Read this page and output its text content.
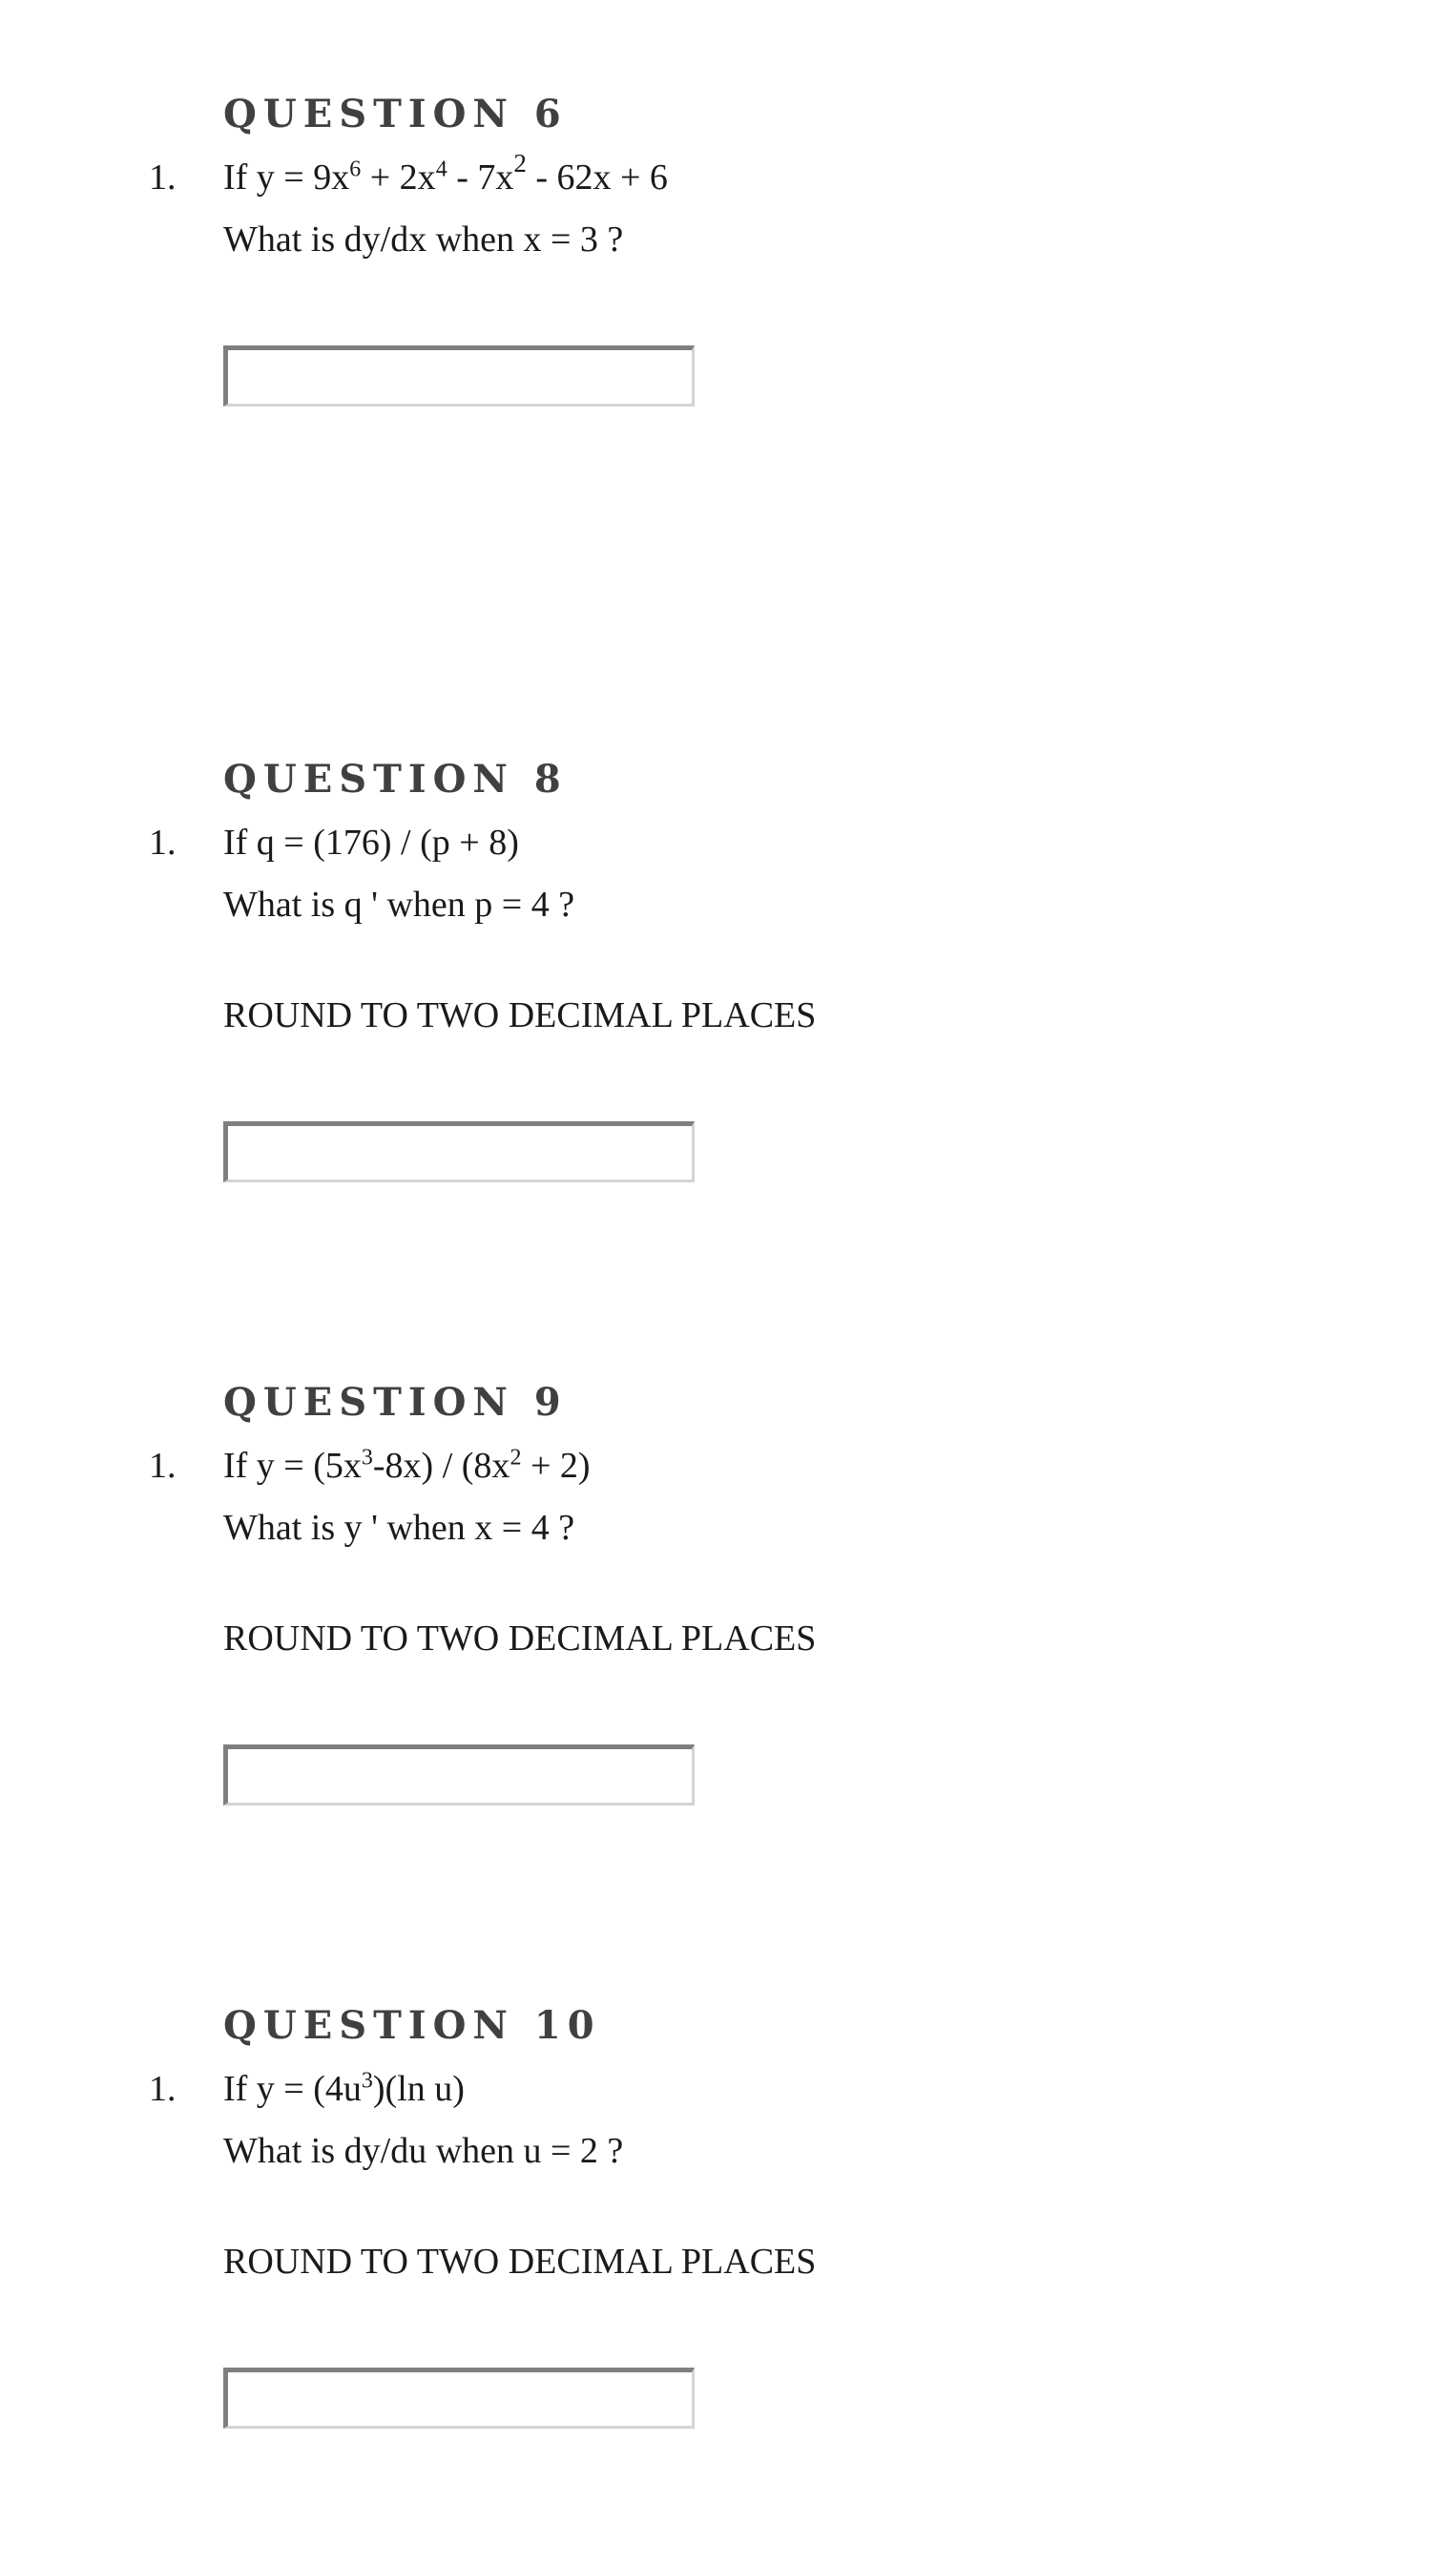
QUESTION 6
1. If $y = 9x^6 + 2x^4 - 7x^2 - 62x + 6$
What is dy/dx when x = 3 ?
QUESTION 8
1. If q = (176) / (p + 8)
What is q ' when p = 4 ?
ROUND TO TWO DECIMAL PLACES
QUESTION 9
1. If $y = (5x^3-8x) / (8x^2 + 2)$
What is y ' when x = 4 ?
ROUND TO TWO DECIMAL PLACES
QUESTION 10
1. If $y = (4u^3)(\ln$ u)
What is dy/du when u = 2 ?
ROUND TO TWO DECIMAL PLACES
